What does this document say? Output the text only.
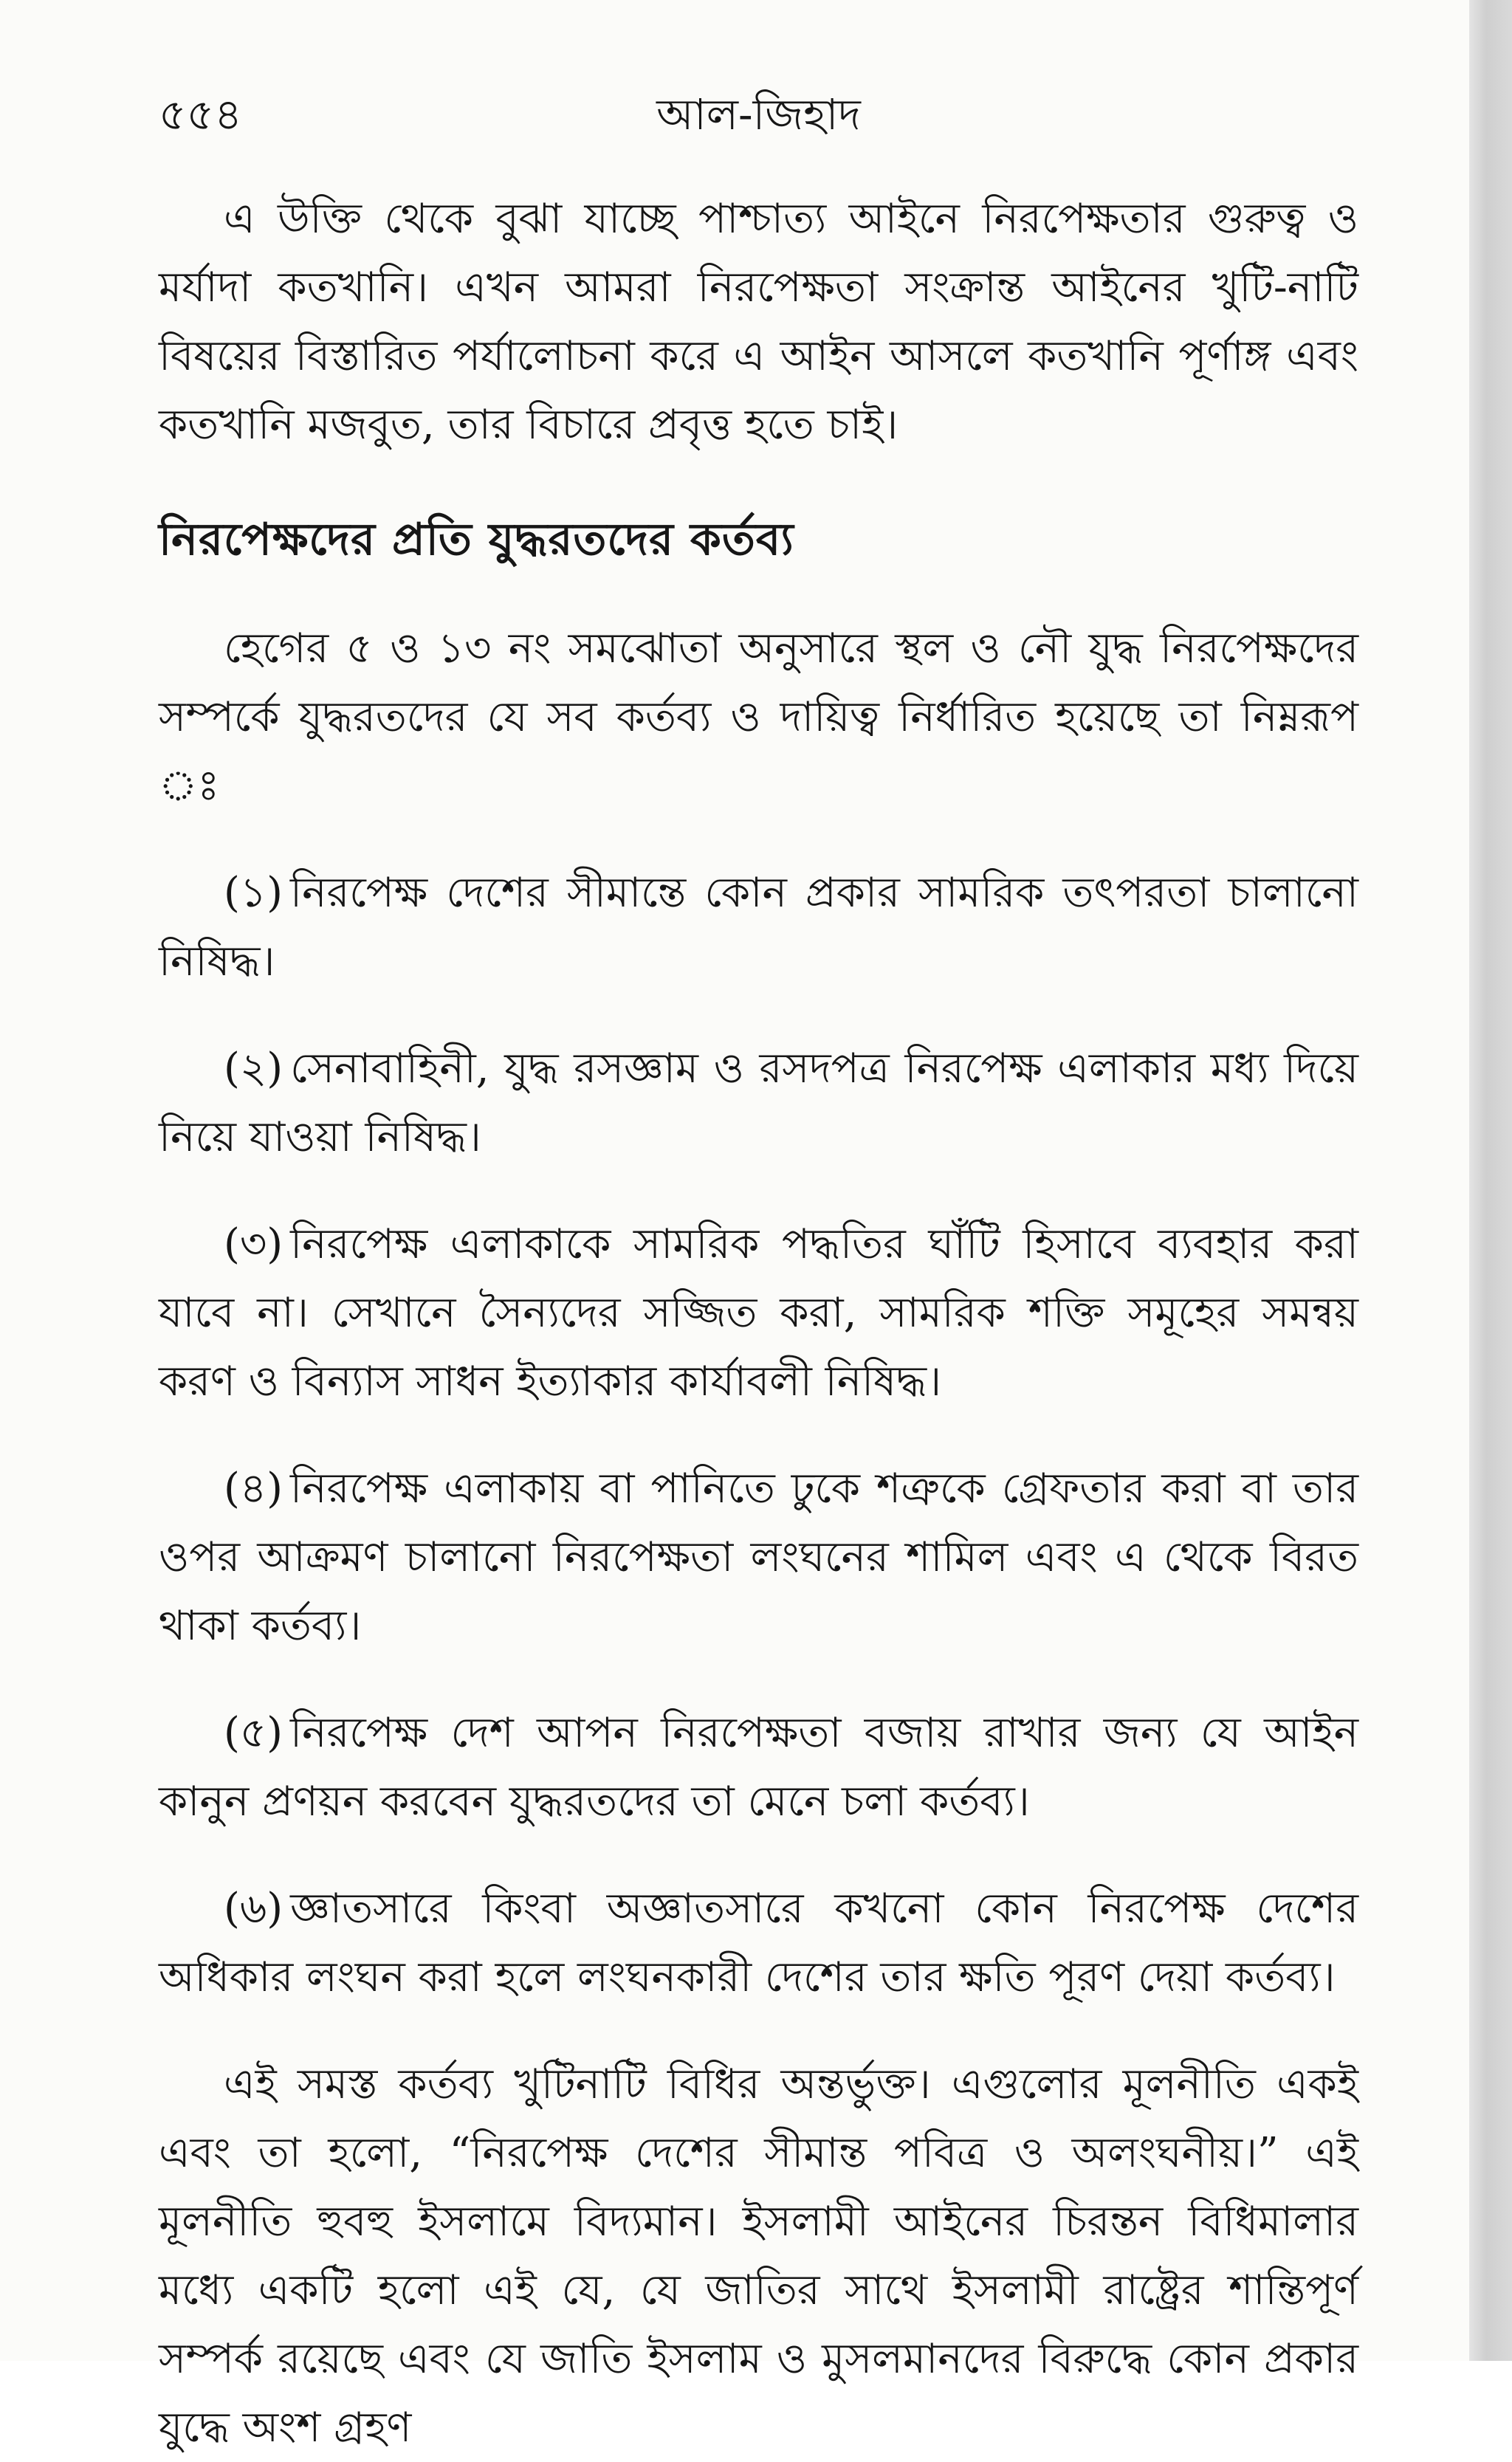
৫৫৪	আল-জিহাদ

এ উক্তি থেকে বুঝা যাচ্ছে পাশ্চাত্য আইনে নিরপেক্ষতার গুরুত্ব ও মর্যাদা কতখানি। এখন আমরা নিরপেক্ষতা সংক্রান্ত আইনের খুটি-নাটি বিষয়ের বিস্তারিত পর্যালোচনা করে এ আইন আসলে কতখানি পূর্ণাঙ্গ এবং কতখানি মজবুত, তার বিচারে প্রবৃত্ত হতে চাই।

নিরপেক্ষদের প্রতি যুদ্ধরতদের কর্তব্য

হেগের ৫ ও ১৩ নং সমঝোতা অনুসারে স্থল ও নৌ যুদ্ধ নিরপেক্ষদের সম্পর্কে যুদ্ধরতদের যে সব কর্তব্য ও দায়িত্ব নির্ধারিত হয়েছে তা নিম্নরূপ ঃ

(১) নিরপেক্ষ দেশের সীমান্তে কোন প্রকার সামরিক তৎপরতা চালানো নিষিদ্ধ।

(২) সেনাবাহিনী, যুদ্ধ রসজ্ঞাম ও রসদপত্র নিরপেক্ষ এলাকার মধ্য দিয়ে নিয়ে যাওয়া নিষিদ্ধ।

(৩) নিরপেক্ষ এলাকাকে সামরিক পদ্ধতির ঘাঁটি হিসাবে ব্যবহার করা যাবে না। সেখানে সৈন্যদের সজ্জিত করা, সামরিক শক্তি সমূহের সমন্বয় করণ ও বিন্যাস সাধন ইত্যাকার কার্যাবলী নিষিদ্ধ।

(৪) নিরপেক্ষ এলাকায় বা পানিতে ঢুকে শত্রুকে গ্রেফতার করা বা তার ওপর আক্রমণ চালানো নিরপেক্ষতা লংঘনের শামিল এবং এ থেকে বিরত থাকা কর্তব্য।

(৫) নিরপেক্ষ দেশ আপন নিরপেক্ষতা বজায় রাখার জন্য যে আইন কানুন প্রণয়ন করবেন যুদ্ধরতদের তা মেনে চলা কর্তব্য।

(৬) জ্ঞাতসারে কিংবা অজ্ঞাতসারে কখনো কোন নিরপেক্ষ দেশের অধিকার লংঘন করা হলে লংঘনকারী দেশের তার ক্ষতি পূরণ দেয়া কর্তব্য।

এই সমস্ত কর্তব্য খুটিনাটি বিধির অন্তর্ভুক্ত। এগুলোর মূলনীতি একই এবং তা হলো, “নিরপেক্ষ দেশের সীমান্ত পবিত্র ও অলংঘনীয়।” এই মূলনীতি হুবহু ইসলামে বিদ্যমান। ইসলামী আইনের চিরন্তন বিধিমালার মধ্যে একটি হলো এই যে, যে জাতির সাথে ইসলামী রাষ্ট্রের শান্তিপূর্ণ সম্পর্ক রয়েছে এবং যে জাতি ইসলাম ও মুসলমানদের বিরুদ্ধে কোন প্রকার যুদ্ধে অংশ গ্রহণ
